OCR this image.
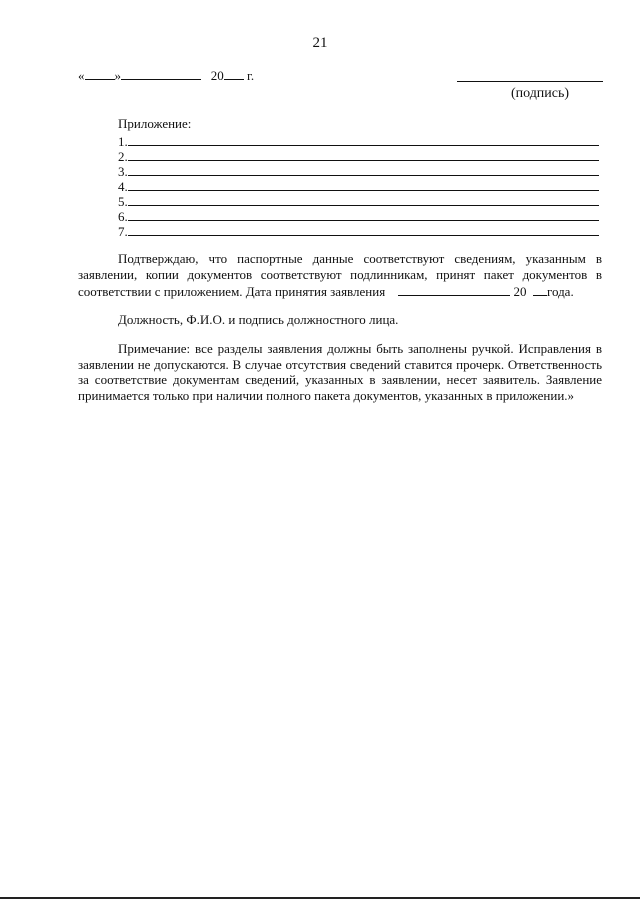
21
« »	20 г.
(подпись)
Приложение:
1.
2.
3.
4.
5.
6.
7.
Подтверждаю, что паспортные данные соответствуют сведениям, указанным в заявлении, копии документов соответствуют подлинникам, принят пакет документов в соответствии с приложением. Дата принятия заявления	20 года.
Должность, Ф.И.О. и подпись должностного лица.
Примечание: все разделы заявления должны быть заполнены ручкой. Исправления в заявлении не допускаются. В случае отсутствия сведений ставится прочерк. Ответственность за соответствие документам сведений, указанных в заявлении, несет заявитель. Заявление принимается только при наличии полного пакета документов, указанных в приложении.»
